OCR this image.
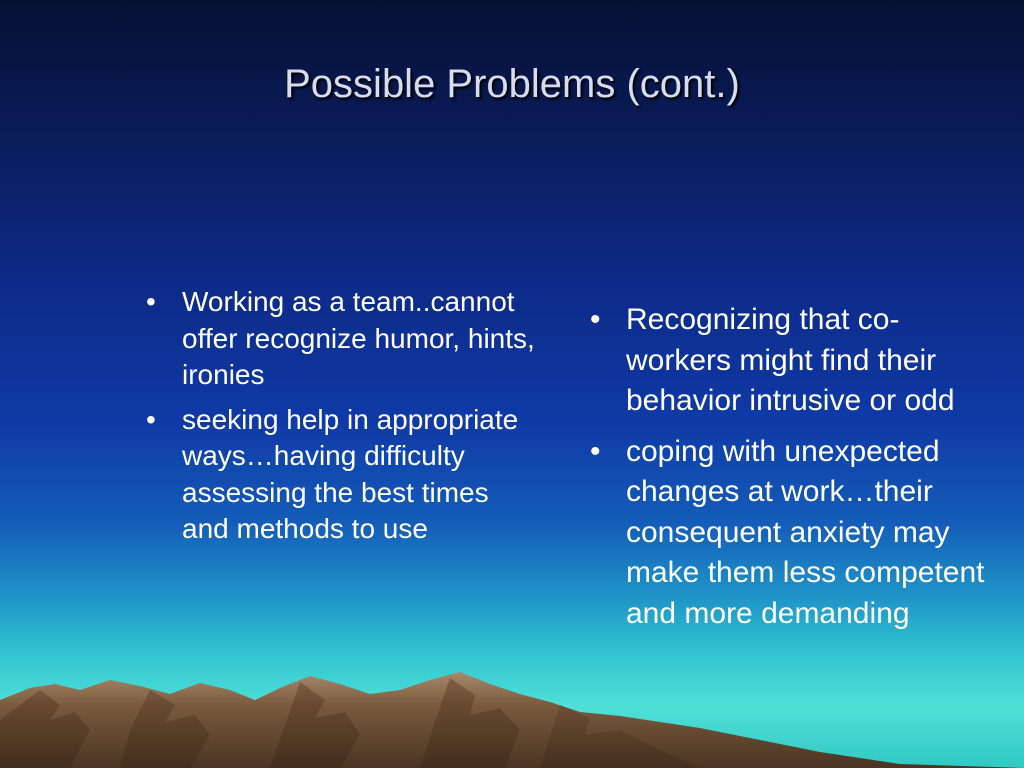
Possible Problems (cont.)
• Working as a team..cannot offer recognize humor, hints, ironies
• seeking help in appropriate ways…having difficulty assessing the best times and methods to use
• Recognizing that co-workers might find their behavior intrusive or odd
• coping with unexpected changes at work…their consequent anxiety may make them less competent and more demanding
